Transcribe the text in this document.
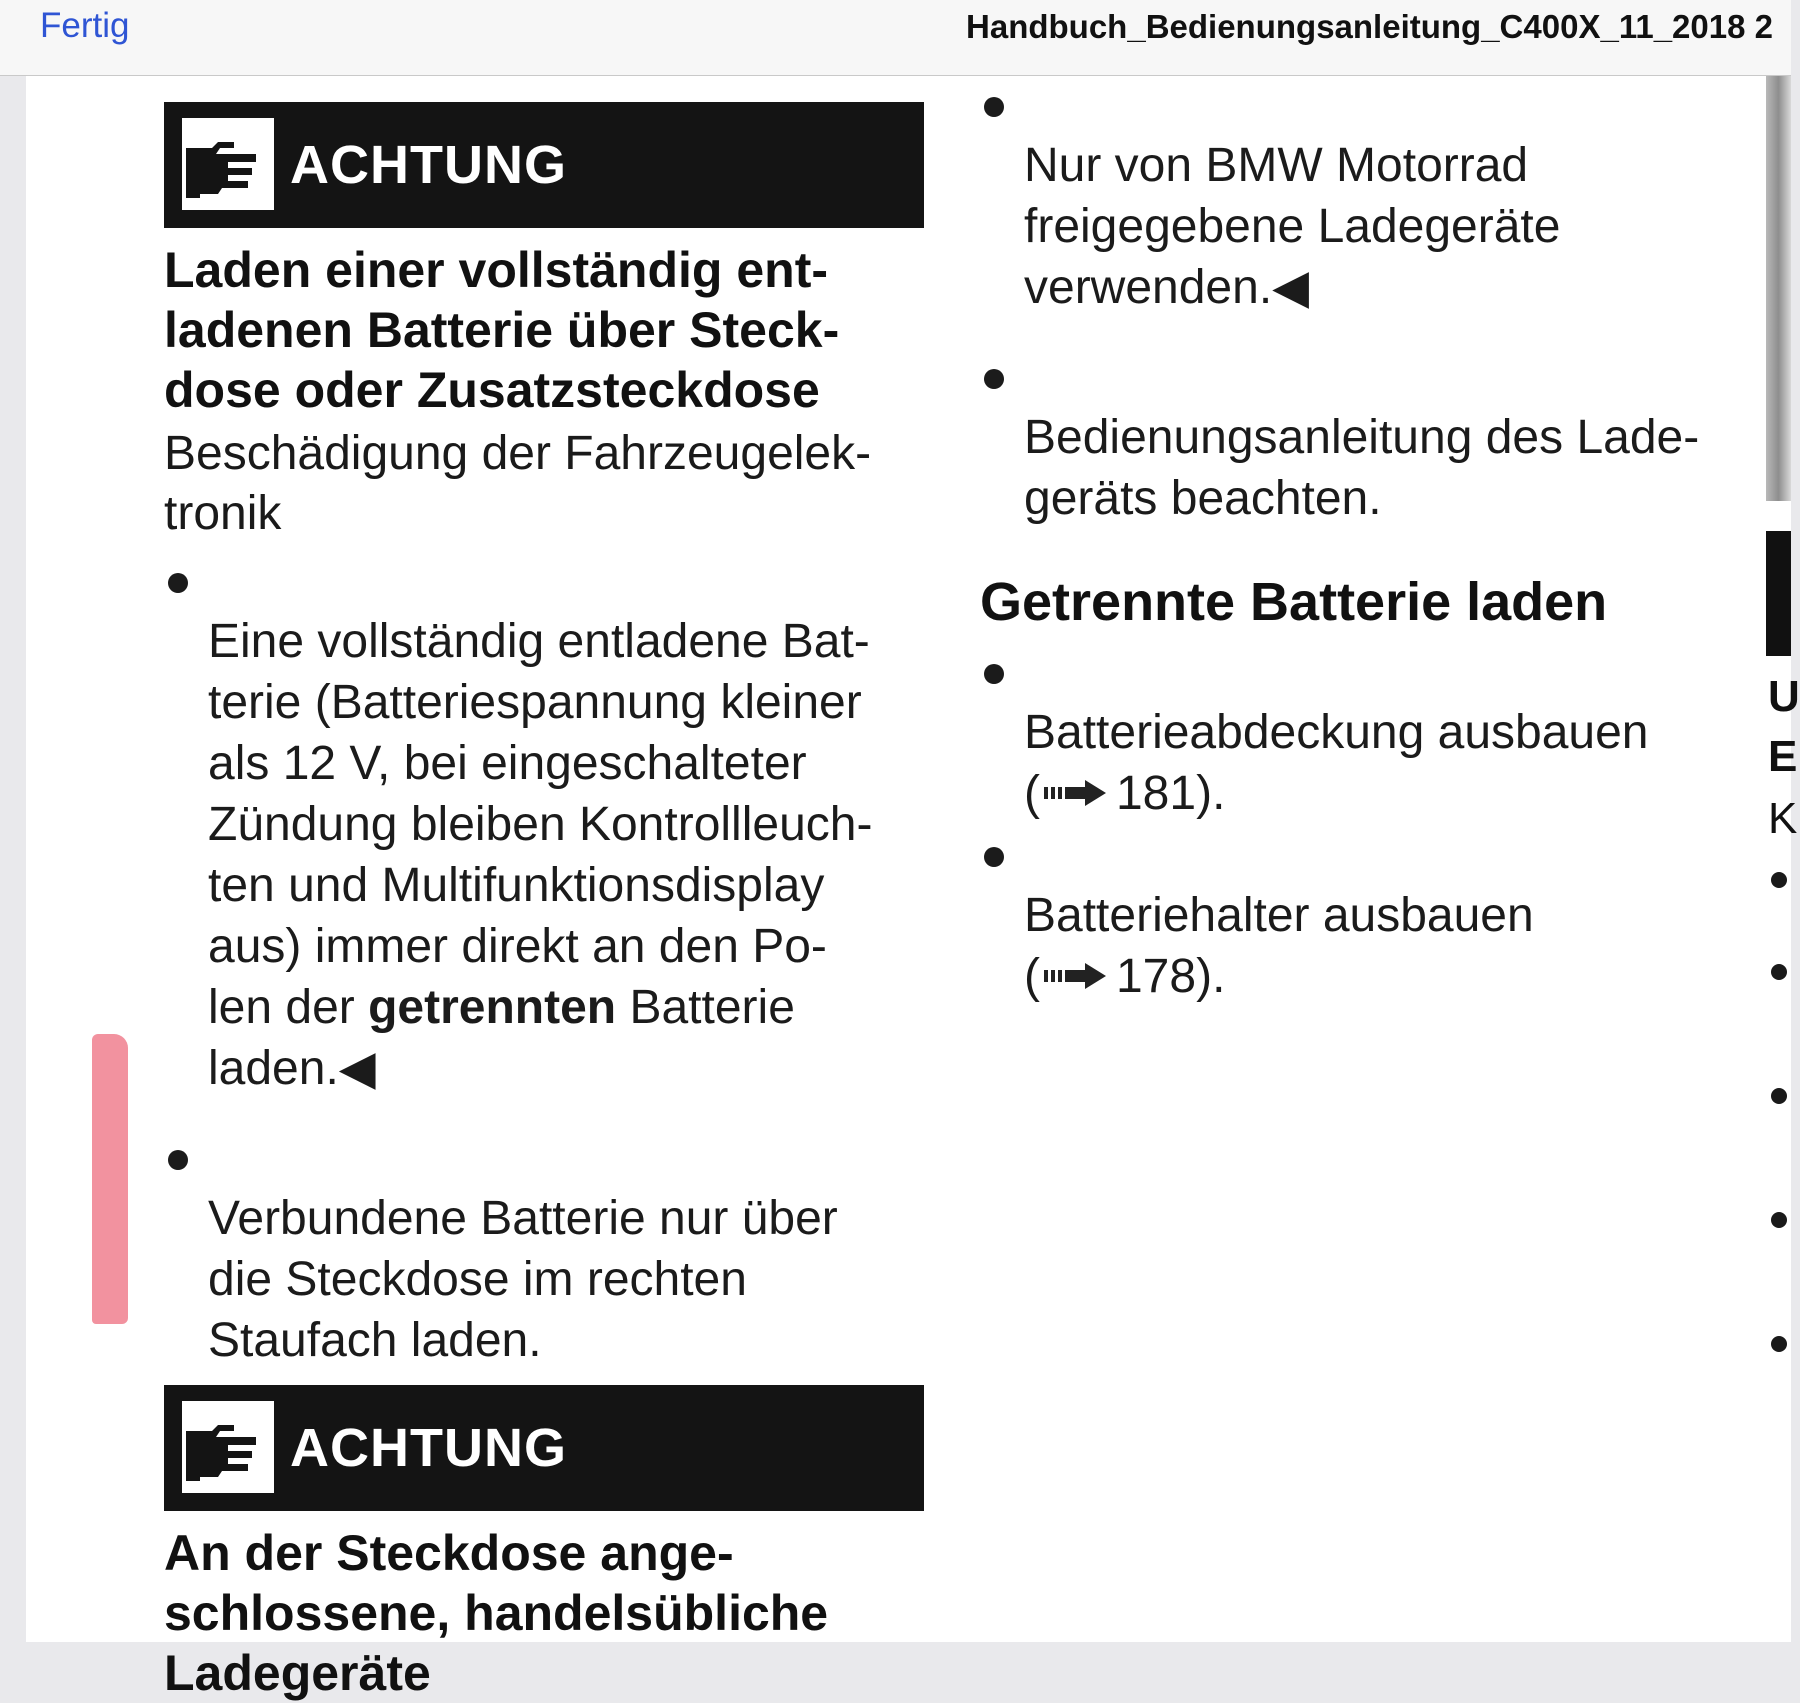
Fertig	Handbuch_Bedienungsanleitung_C400X_11_2018 2
ACHTUNG
Laden einer vollständig ent-
ladenen Batterie über Steck-
dose oder Zusatzsteckdose
Beschädigung der Fahrzeugelek-
tronik

Eine vollständig entladene Bat-
terie (Batteriespannung kleiner
als 12 V, bei eingeschalteter
Zündung bleiben Kontrollleuch-
ten und Multifunktionsdisplay
aus) immer direkt an den Po-
len der getrennten Batterie
laden.◀

Verbundene Batterie nur über
die Steckdose im rechten
Staufach laden.

ACHTUNG
An der Steckdose ange-
schlossene, handelsübliche
Ladegeräte

Nur von BMW Motorrad
freigegebene Ladegeräte
verwenden.◀

Bedienungsanleitung des Lade-
geräts beachten.

Getrennte Batterie laden

Batterieabdeckung ausbauen
( 181).

Batteriehalter ausbauen
( 178).

U
E
K
